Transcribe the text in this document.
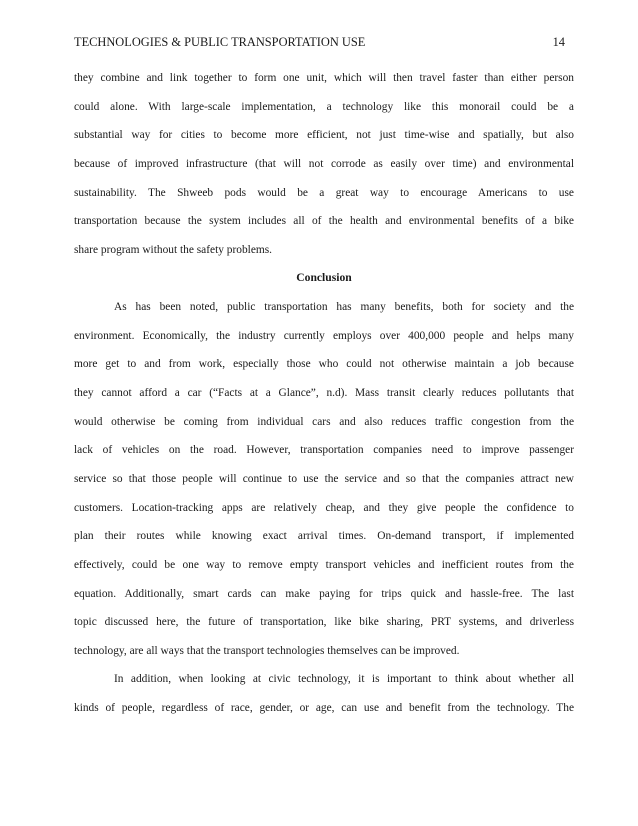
TECHNOLOGIES & PUBLIC TRANSPORTATION USE	14
they combine and link together to form one unit, which will then travel faster than either person
could alone. With large-scale implementation, a technology like this monorail could be a
substantial way for cities to become more efficient, not just time-wise and spatially, but also
because of improved infrastructure (that will not corrode as easily over time) and environmental
sustainability. The Shweeb pods would be a great way to encourage Americans to use
transportation because the system includes all of the health and environmental benefits of a bike
share program without the safety problems.
Conclusion
As has been noted, public transportation has many benefits, both for society and the
environment. Economically, the industry currently employs over 400,000 people and helps many
more get to and from work, especially those who could not otherwise maintain a job because
they cannot afford a car (“Facts at a Glance”, n.d). Mass transit clearly reduces pollutants that
would otherwise be coming from individual cars and also reduces traffic congestion from the
lack of vehicles on the road. However, transportation companies need to improve passenger
service so that those people will continue to use the service and so that the companies attract new
customers. Location-tracking apps are relatively cheap, and they give people the confidence to
plan their routes while knowing exact arrival times. On-demand transport, if implemented
effectively, could be one way to remove empty transport vehicles and inefficient routes from the
equation. Additionally, smart cards can make paying for trips quick and hassle-free. The last
topic discussed here, the future of transportation, like bike sharing, PRT systems, and driverless
technology, are all ways that the transport technologies themselves can be improved.
In addition, when looking at civic technology, it is important to think about whether all
kinds of people, regardless of race, gender, or age, can use and benefit from the technology. The
